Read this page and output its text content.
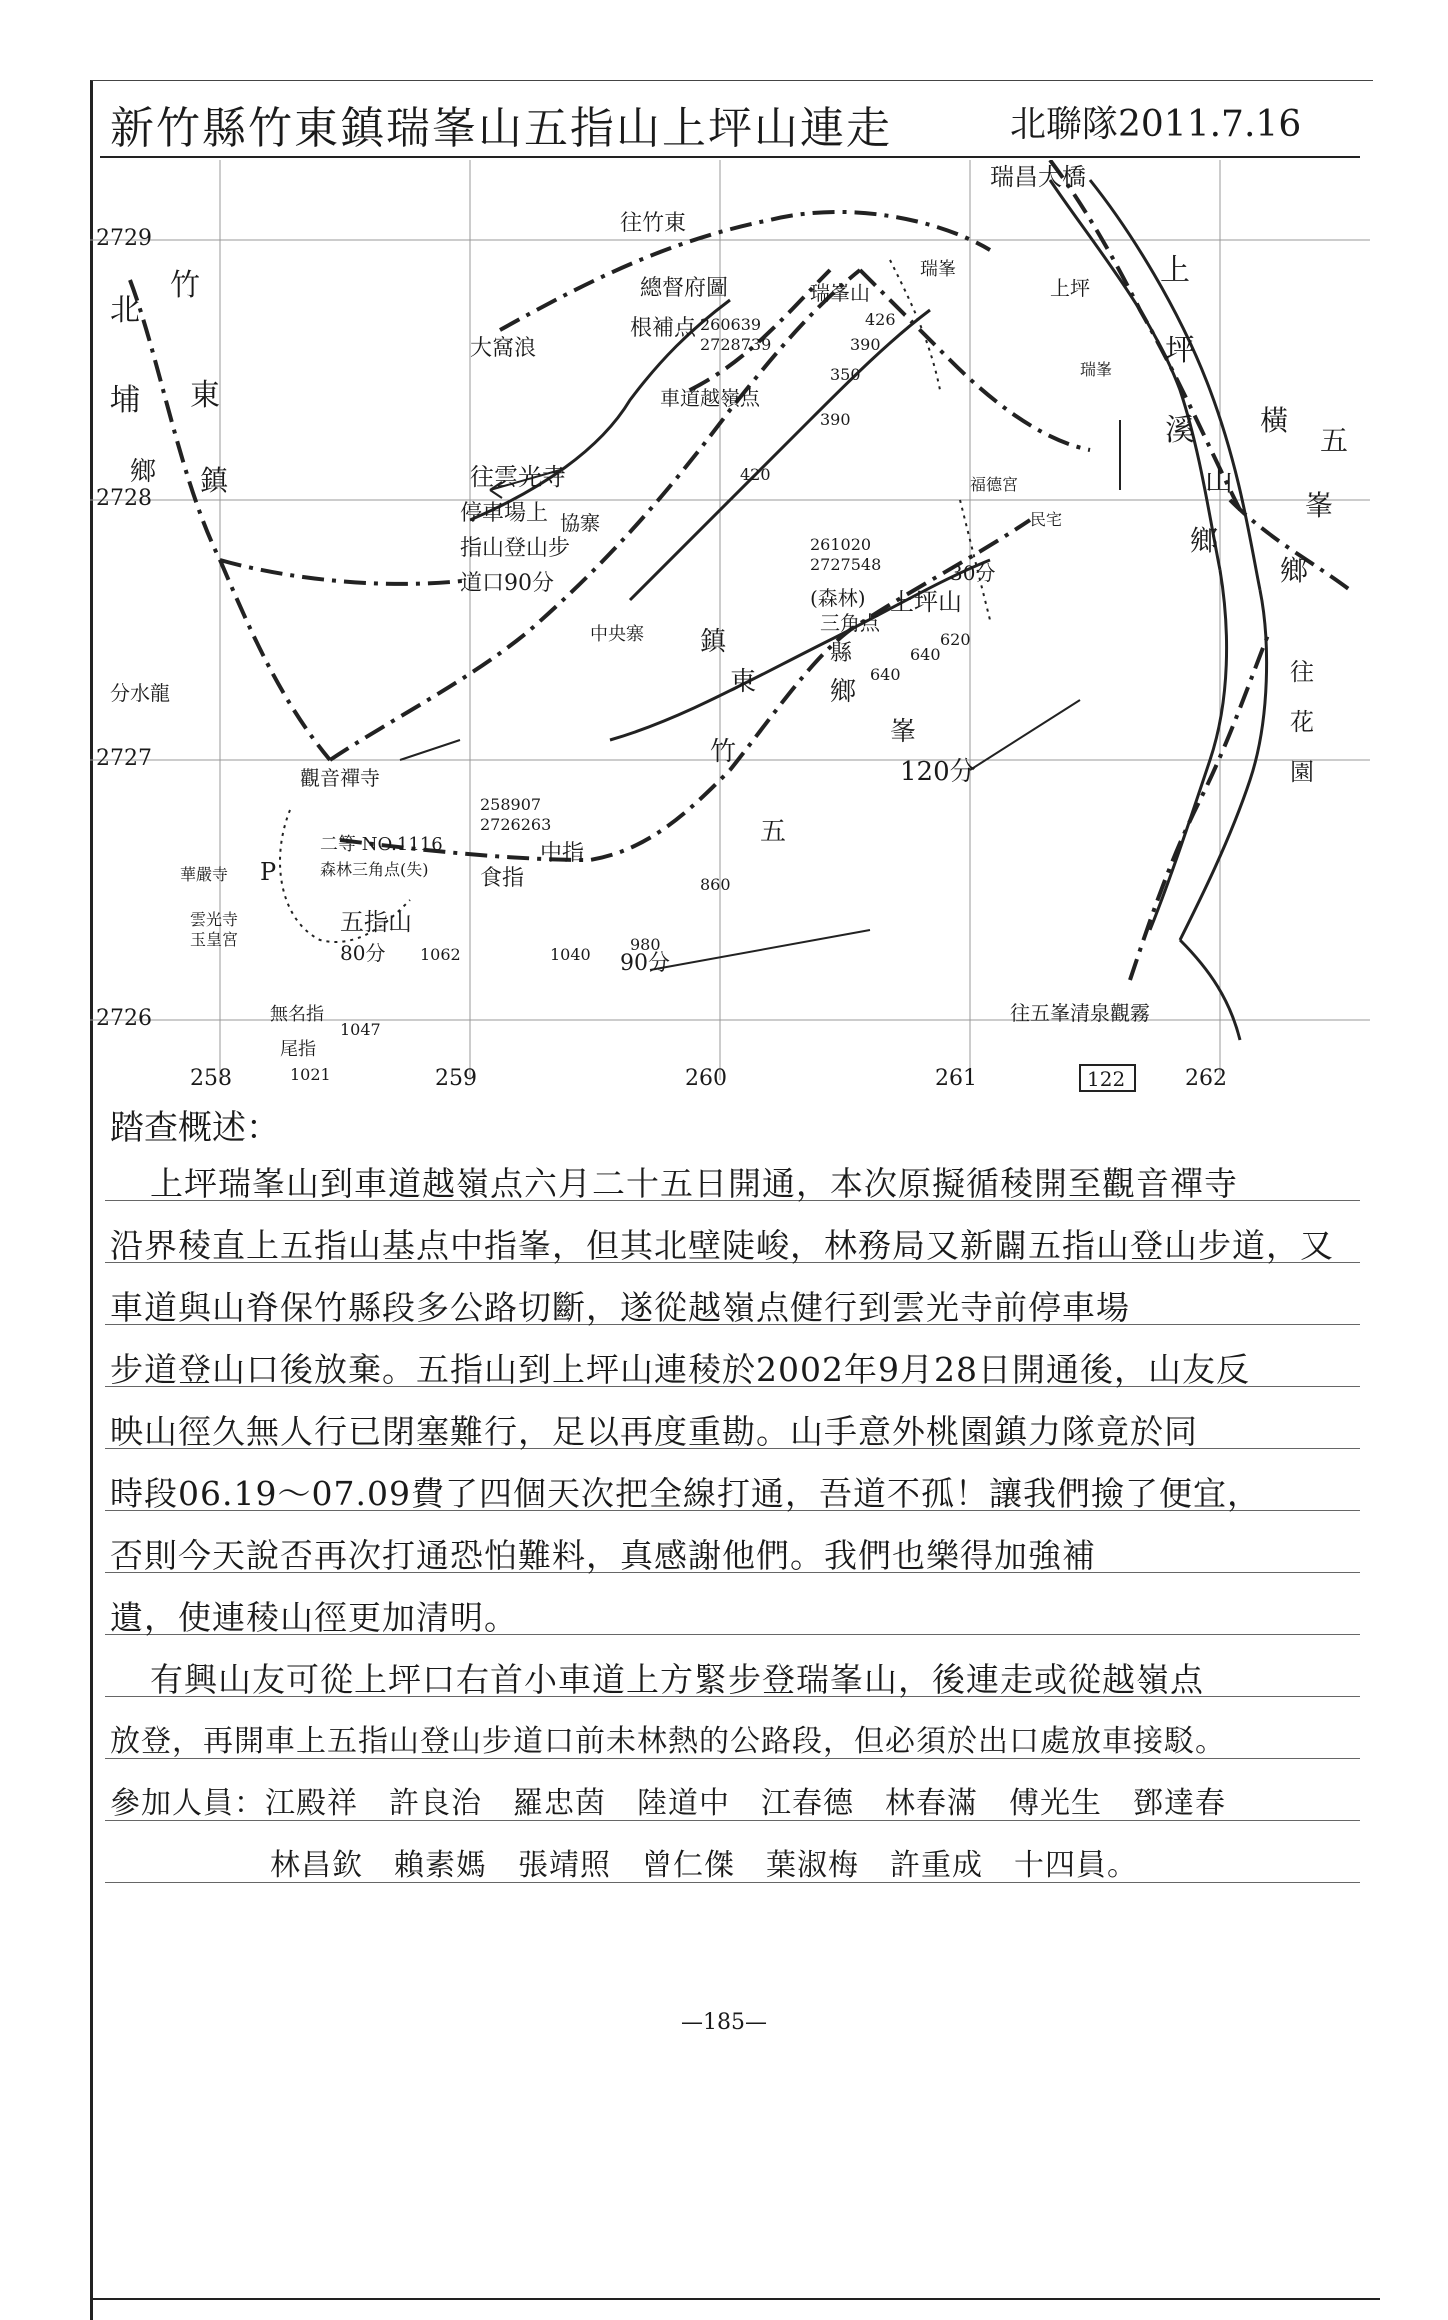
新竹縣竹東鎮瑞峯山五指山上坪山連走	北聯隊2011.7.16
2729
2728
2727
2726
258	259	260	261	262
瑞昌大橋
往竹東
北
埔
鄉
竹
東
鎮
大窩浪
總督府圖
根補点 260639
2728739
瑞峯山
瑞峯
上坪
瑞峯
上
坪
溪 橫
山
鄉
五
峯
鄉
車道越嶺点
民宅
福德宮
往雲光寺
停車場上
指山登山步
道口90分
協寨
中央寨
261020
2727548
(森林)
三角点
上坪山
30分
分水龍
觀音禪寺
竹
東
鎮	縣
五
峯
鄉
120分
往
花
園
華嚴寺
雲光寺
玉皇宮
P
二等 NO.1116
森林三角点(失)
258907
2726263
五指山
食指
中指
80分	90分
無名指
尾指
往五峯清泉觀霧
122
426
390
350
390
420
620
640
640
860
980
1040
1062
1047
1021
踏查概述：
上坪瑞峯山到車道越嶺点六月二十五日開通，本次原擬循稜開至觀音禪寺
沿界稜直上五指山基点中指峯，但其北壁陡峻，林務局又新闢五指山登山步道，又
車道與山脊保竹縣段多公路切斷，遂從越嶺点健行到雲光寺前停車場
步道登山口後放棄。五指山到上坪山連稜於2002年9月28日開通後，山友反
映山徑久無人行已閉塞難行，足以再度重勘。山手意外桃園鎮力隊竟於同
時段06.19～07.09費了四個天次把全線打通，吾道不孤！讓我們撿了便宜，
否則今天說否再次打通恐怕難料，真感謝他們。我們也樂得加強補
遺，使連稜山徑更加清明。
有興山友可從上坪口右首小車道上方緊步登瑞峯山，後連走或從越嶺点
放登，再開車上五指山登山步道口前未林熱的公路段，但必須於出口處放車接駁。
參加人員：江殿祥　許良治　羅忠茵　陸道中　江春德　林春滿　傅光生　鄧達春
林昌欽　賴素媽　張靖照　曾仁傑　葉淑梅　許重成　十四員。
—185—
